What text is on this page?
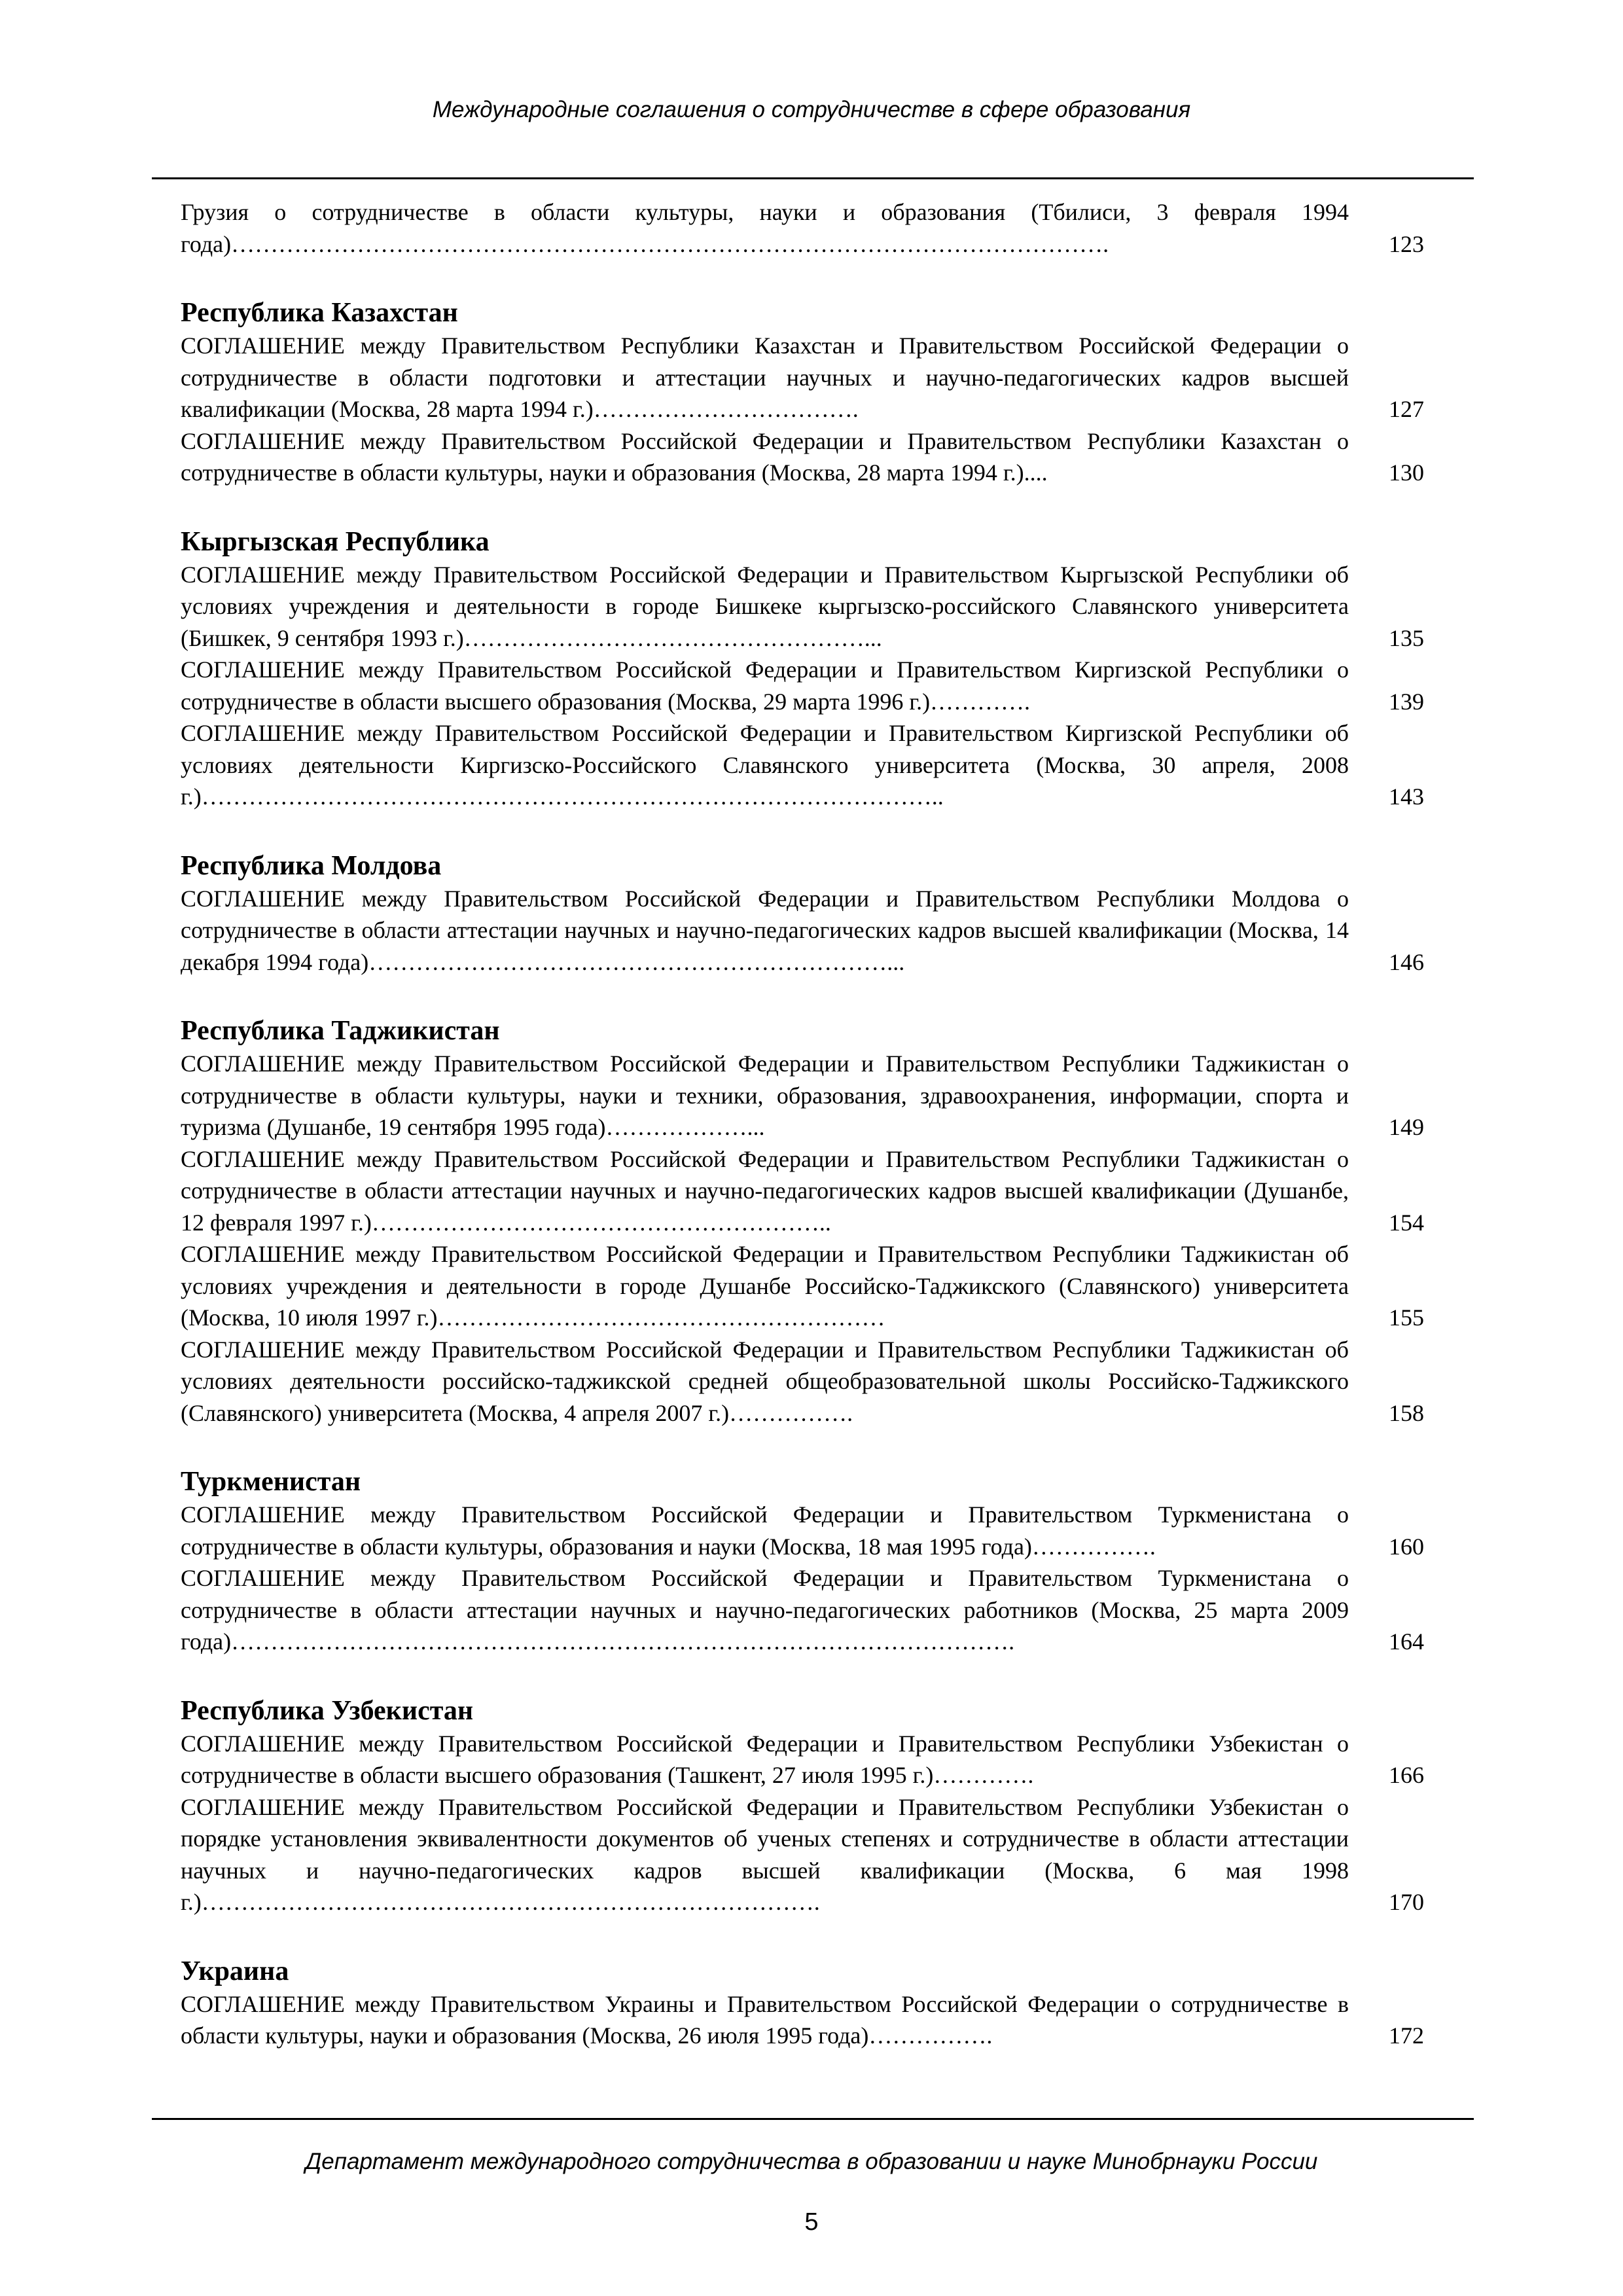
Международные соглашения о сотрудничестве в сфере образования
Грузия о сотрудничестве в области культуры, науки и образования (Тбилиси, 3 февраля 1994 года)………………………………………………………………………………………………….	123
Республика Казахстан
СОГЛАШЕНИЕ между Правительством Республики Казахстан и Правительством Российской Федерации о сотрудничестве в области подготовки и аттестации научных и научно-педагогических кадров высшей квалификации (Москва, 28 марта 1994 г.)…………………………….	127
СОГЛАШЕНИЕ между Правительством Российской Федерации и Правительством Республики Казахстан о сотрудничестве в области культуры, науки и образования (Москва, 28 марта 1994 г.)....	130
Кыргызская Республика
СОГЛАШЕНИЕ между Правительством Российской Федерации и Правительством Кыргызской Республики об условиях учреждения и деятельности в городе Бишкеке кыргызско-российского Славянского университета (Бишкек, 9 сентября 1993 г.)……………………………………………...	135
СОГЛАШЕНИЕ между Правительством Российской Федерации и Правительством Киргизской Республики о сотрудничестве в области высшего образования (Москва, 29 марта 1996 г.)………….	139
СОГЛАШЕНИЕ между Правительством Российской Федерации и Правительством Киргизской Республики об условиях деятельности Киргизско-Российского Славянского университета (Москва, 30 апреля, 2008 г.)…………………………………………………………………………………..	143
Республика Молдова
СОГЛАШЕНИЕ между Правительством Российской Федерации и Правительством Республики Молдова о сотрудничестве в области аттестации научных и научно-педагогических кадров высшей квалификации (Москва, 14 декабря 1994 года)…………………………………………………………...	146
Республика Таджикистан
СОГЛАШЕНИЕ между Правительством Российской Федерации и Правительством Республики Таджикистан о сотрудничестве в области культуры, науки и техники, образования, здравоохранения, информации, спорта и туризма (Душанбе, 19 сентября 1995 года)………………...	149
СОГЛАШЕНИЕ между Правительством Российской Федерации и Правительством Республики Таджикистан о сотрудничестве в области аттестации научных и научно-педагогических кадров высшей квалификации (Душанбе, 12 февраля 1997 г.)…………………………………………………..	154
СОГЛАШЕНИЕ между Правительством Российской Федерации и Правительством Республики Таджикистан об условиях учреждения и деятельности в городе Душанбе Российско-Таджикского (Славянского) университета (Москва, 10 июля 1997 г.)…………………………………………………	155
СОГЛАШЕНИЕ между Правительством Российской Федерации и Правительством Республики Таджикистан об условиях деятельности российско-таджикской средней общеобразовательной школы Российско-Таджикского (Славянского) университета (Москва, 4 апреля 2007 г.)…………….	158
Туркменистан
СОГЛАШЕНИЕ между Правительством Российской Федерации и Правительством Туркменистана о сотрудничестве в области культуры, образования и науки (Москва, 18 мая 1995 года)…………….	160
СОГЛАШЕНИЕ между Правительством Российской Федерации и Правительством Туркменистана о сотрудничестве в области аттестации научных и научно-педагогических работников (Москва, 25 марта 2009 года)……………………………………………………………………………………….	164
Республика Узбекистан
СОГЛАШЕНИЕ между Правительством Российской Федерации и Правительством Республики Узбекистан о сотрудничестве в области высшего образования (Ташкент, 27 июля 1995 г.)………….	166
СОГЛАШЕНИЕ между Правительством Российской Федерации и Правительством Республики Узбекистан о порядке установления эквивалентности документов об ученых степенях и сотрудничестве в области аттестации научных и научно-педагогических кадров высшей квалификации (Москва, 6 мая 1998 г.)…………………………………………………………………….	170
Украина
СОГЛАШЕНИЕ между Правительством Украины и Правительством Российской Федерации о сотрудничестве в области культуры, науки и образования (Москва, 26 июля 1995 года)…………….	172
Департамент международного сотрудничества в образовании и науке Минобрнауки России
5
